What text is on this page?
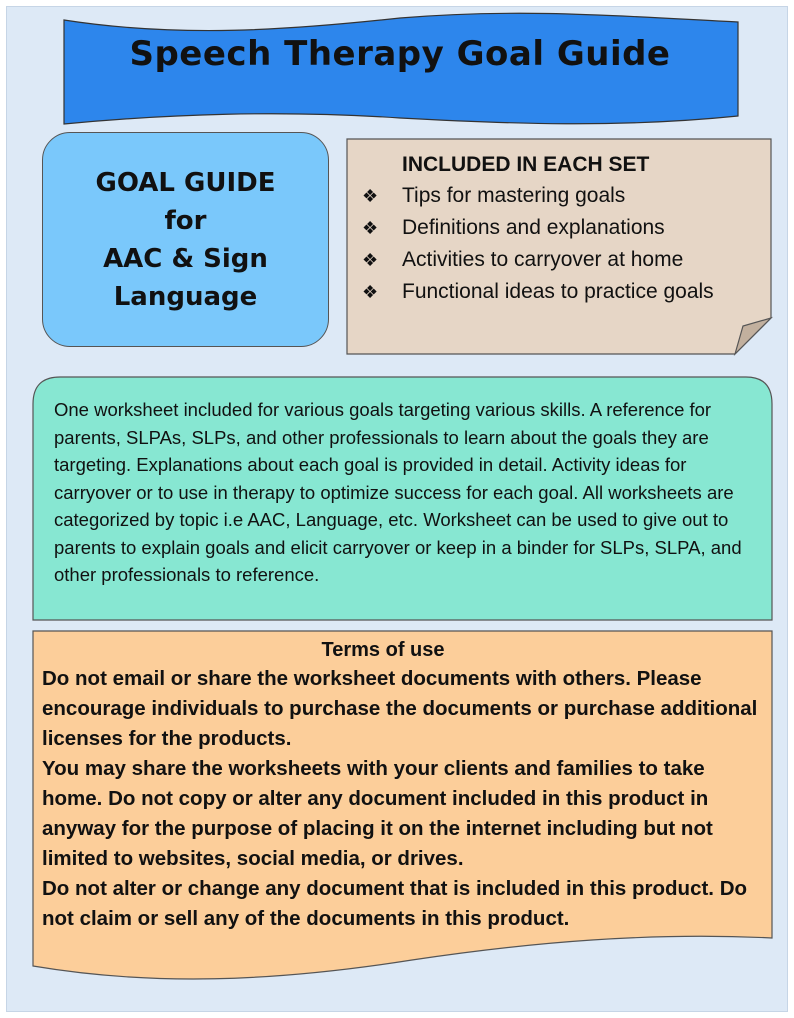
Speech Therapy Goal Guide
GOAL GUIDE
for
AAC & Sign
Language
INCLUDED IN EACH SET
❖	Tips for mastering goals
❖	Definitions and explanations
❖	Activities to carryover at home
❖	Functional ideas to practice goals
One worksheet included for various goals targeting various skills. A reference for parents, SLPAs, SLPs, and other professionals to learn about the goals they are targeting. Explanations about each goal is provided in detail. Activity ideas for carryover or to use in therapy to optimize success for each goal. All worksheets are categorized by topic i.e AAC, Language, etc. Worksheet can be used to give out to parents to explain goals and elicit carryover or keep in a binder for SLPs, SLPA, and other professionals to reference.
Terms of use

Do not email or share the worksheet documents with others. Please encourage individuals to purchase the documents or purchase additional licenses for the products.

You may share the worksheets with your clients and families to take home. Do not copy or alter any document included in this product in anyway for the purpose of placing it on the internet including but not limited to websites, social media, or drives.

Do not alter or change any document that is included in this product. Do not claim or sell any of the documents in this product.
